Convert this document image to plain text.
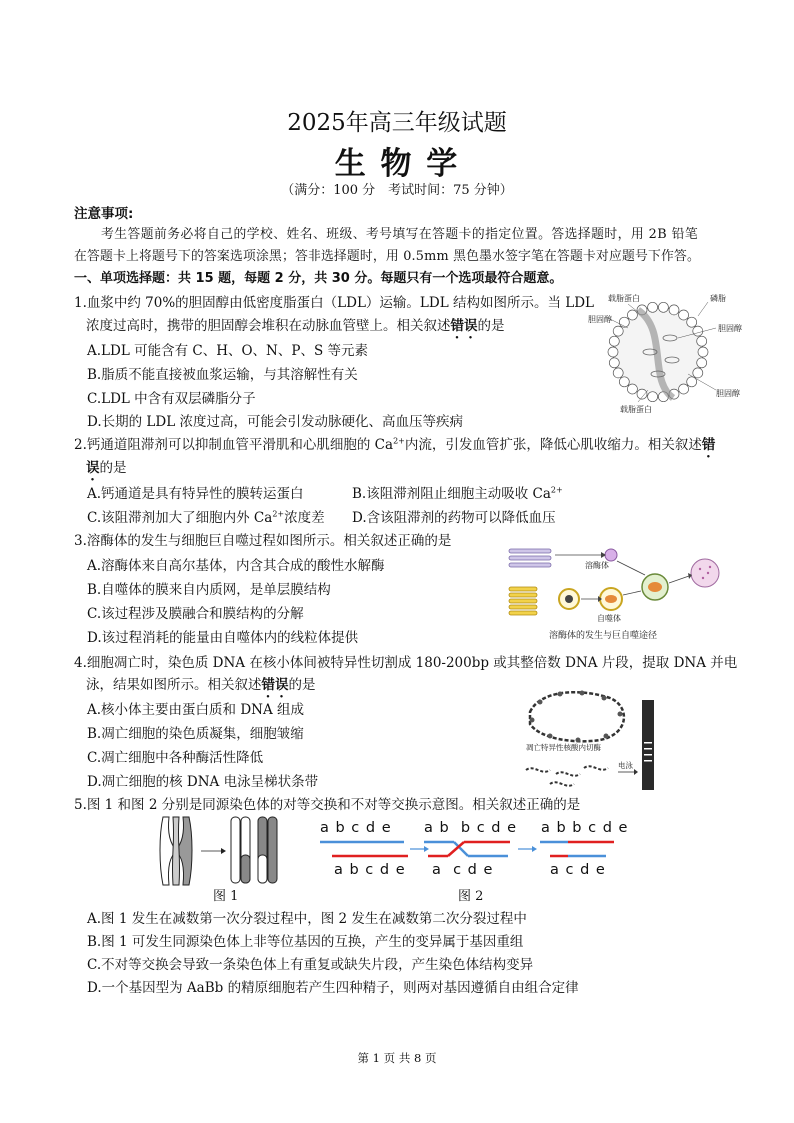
2025年高三年级试题
生 物 学
（满分：100 分　考试时间：75 分钟）
注意事项:
考生答题前务必将自己的学校、姓名、班级、考号填写在答题卡的指定位置。答选择题时，用 2B 铅笔
在答题卡上将题号下的答案选项涂黑；答非选择题时，用 0.5mm 黑色墨水签字笔在答题卡对应题号下作答。
一、单项选择题：共 15 题，每题 2 分，共 30 分。每题只有一个选项最符合题意。
1.血浆中约 70%的胆固醇由低密度脂蛋白（LDL）运输。LDL 结构如图所示。当 LDL
浓度过高时，携带的胆固醇会堆积在动脉血管壁上。相关叙述错误的是
A.LDL 可能含有 C、H、O、N、P、S 等元素
B.脂质不能直接被血浆运输，与其溶解性有关
C.LDL 中含有双层磷脂分子
D.长期的 LDL 浓度过高，可能会引发动脉硬化、高血压等疾病
载脂蛋白	磷脂
胆固醇
胆固醇
胆固醇
载脂蛋白
2.钙通道阻滞剂可以抑制血管平滑肌和心肌细胞的 $Ca^{2+}$内流，引发血管扩张，降低心肌收缩力。相关叙述错
误的是
A.钙通道是具有特异性的膜转运蛋白	B.该阻滞剂阻止细胞主动吸收 $Ca^{2+}$
C.该阻滞剂加大了细胞内外 $Ca^{2+}$浓度差 D.含该阻滞剂的药物可以降低血压
3.溶酶体的发生与细胞巨自噬过程如图所示。相关叙述正确的是
A.溶酶体来自高尔基体，内含其合成的酸性水解酶
B.自噬体的膜来自内质网，是单层膜结构
C.该过程涉及膜融合和膜结构的分解
D.该过程消耗的能量由自噬体内的线粒体提供
溶酶体
自噬体
溶酶体的发生与巨自噬途径
4.细胞凋亡时，染色质 DNA 在核小体间被特异性切割成 180-200bp 或其整倍数 DNA 片段，提取 DNA 并电
泳，结果如图所示。相关叙述错误的是
A.核小体主要由蛋白质和 DNA 组成
B.凋亡细胞的染色质凝集，细胞皱缩
C.凋亡细胞中各种酶活性降低
D.凋亡细胞的核 DNA 电泳呈梯状条带
凋亡特异性核酸内切酶
电泳
5.图 1 和图 2 分别是同源染色体的对等交换和不对等交换示意图。相关叙述正确的是
图 1
a b c d e
a b c d e
a b  b c d e
a  c d e
a b b c d e
a c d e
图 2
A.图 1 发生在减数第一次分裂过程中，图 2 发生在减数第二次分裂过程中
B.图 1 可发生同源染色体上非等位基因的互换，产生的变异属于基因重组
C.不对等交换会导致一条染色体上有重复或缺失片段，产生染色体结构变异
D.一个基因型为 AaBb 的精原细胞若产生四种精子，则两对基因遵循自由组合定律
第 1 页 共 8 页
